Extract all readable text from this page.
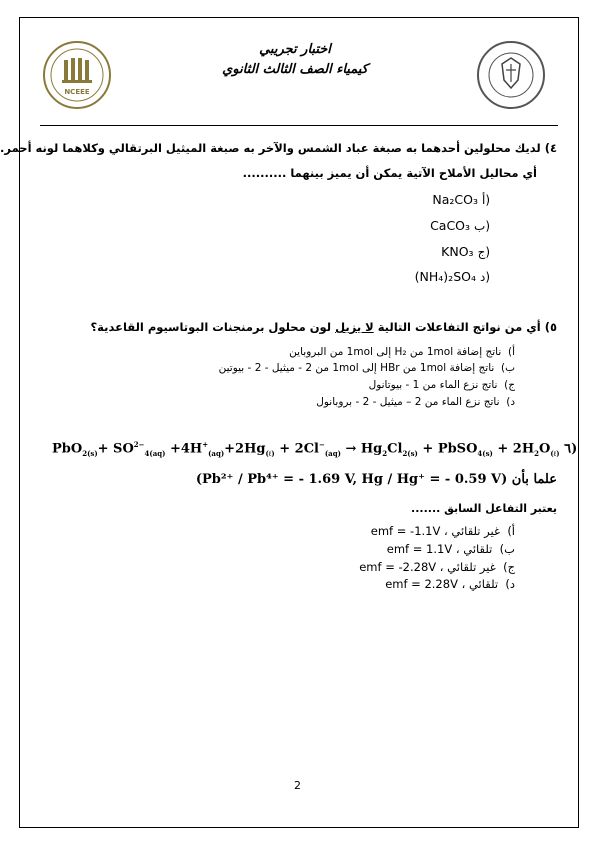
NCEEE
اختبار تجريبي
كيمياء الصف الثالث الثانوي
٤) لديك محلولين أحدهما به صبغة عباد الشمس والآخر به صبغة الميثيل البرتقالي وكلاهما لونه أحمر.
أي محاليل الأملاح الآتية يمكن أن يميز بينهما ..........
Na₂CO₃ أ)
CaCO₃ ب)
KNO₃ ج)
(NH₄)₂SO₄ د)
٥) أي من نواتج التفاعلات التالية لا يزيل لون محلول برمنجنات البوتاسيوم القاعدية؟
أ)  ناتج إضافة 1mol من H₂ إلى 1mol من البروباين
ب)  ناتج إضافة 1mol من HBr إلى 1mol من 2 - ميثيل - 2 - بيوتين
ج)  ناتج نزع الماء من 1 - بيوتانول
د)  ناتج نزع الماء من 2 – ميثيل - 2 - بروبانول
$PbO_{2(s)}+ SO^{2-}_{4(aq)} +4H^+_{(aq)}+2Hg_{(\ell)} + 2Cl^-_{(aq)} \to Hg_2Cl_{2(s)}$ + PbSO$_{4(s)}$ + $2H_2O_{(\ell)}$ ٦)
علما بأن (Pb²⁺ / Pb⁴⁺ = - 1.69 V, Hg / Hg⁺ = - 0.59 V)
يعتبر التفاعل السابق .......
أ)  غير تلقائي ، emf = -1.1V
ب)  تلقائي ، emf = 1.1V
ج)  غير تلقائي ، emf = -2.28V
د)  تلقائي ، emf = 2.28V
2
